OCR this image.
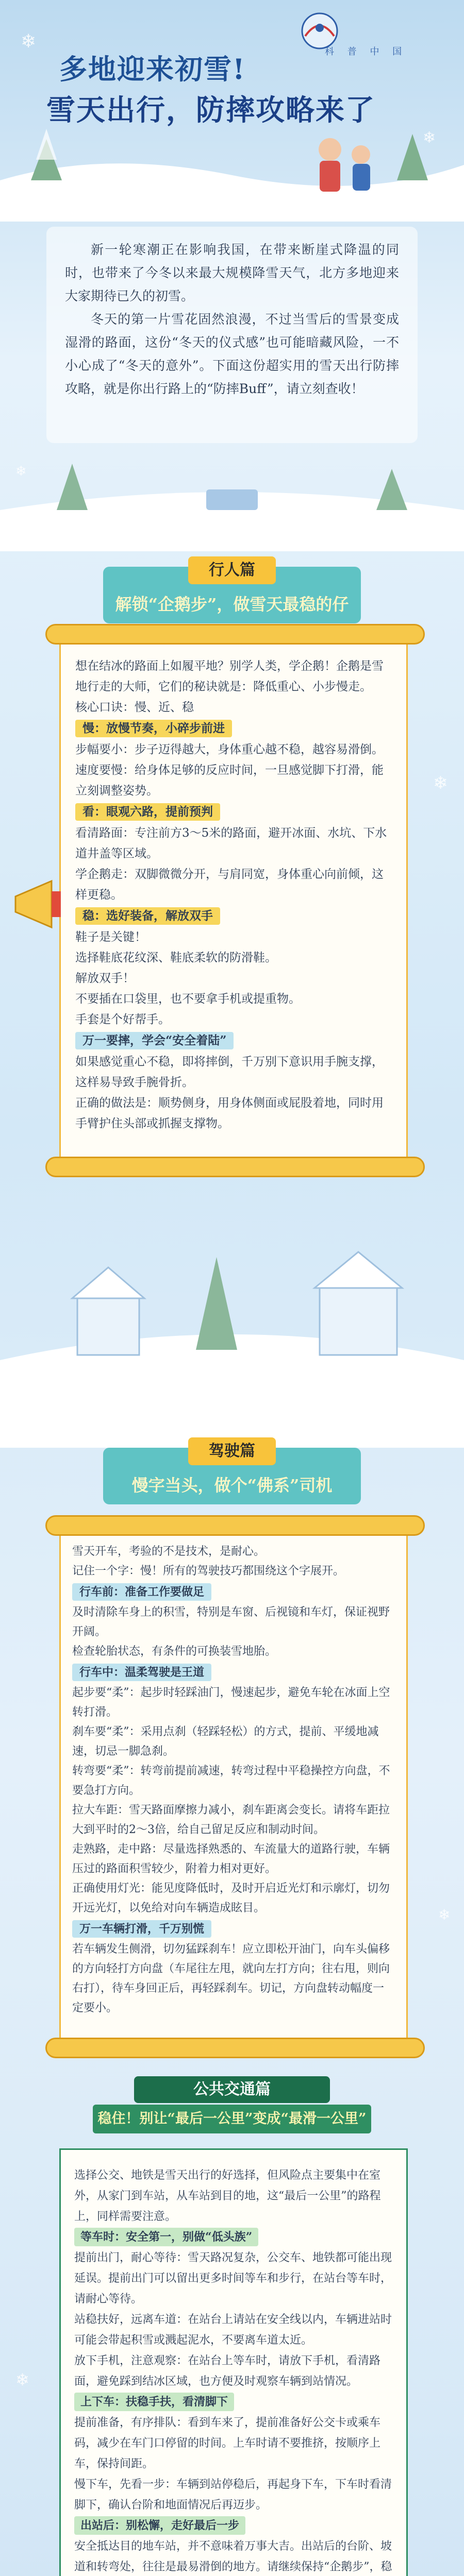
❄
❄
❄
❄
❄
❄
科 普 中 国
多地迎来初雪!
雪天出行，防摔攻略来了

新一轮寒潮正在影响我国，在带来断崖式降温的同时，也带来了今冬以来最大规模降雪天气，北方多地迎来大家期待已久的初雪。

冬天的第一片雪花固然浪漫，不过当雪后的雪景变成湿滑的路面，这份“冬天的仪式感”也可能暗藏风险，一不小心成了“冬天的意外”。下面这份超实用的雪天出行防摔攻略，就是你出行路上的“防摔Buff”，请立刻查收！

行人篇
解锁“企鹅步”，做雪天最稳的仔
想在结冰的路面上如履平地？别学人类，学企鹅！企鹅是雪地行走的大师，它们的秘诀就是：降低重心、小步慢走。
核心口诀：慢、近、稳
慢：放慢节奏，小碎步前进
步幅要小：步子迈得越大，身体重心越不稳，越容易滑倒。
速度要慢：给身体足够的反应时间，一旦感觉脚下打滑，能立刻调整姿势。
看：眼观六路，提前预判
看清路面：专注前方3～5米的路面，避开冰面、水坑、下水道井盖等区域。
学企鹅走：双脚微微分开，与肩同宽，身体重心向前倾，这样更稳。
稳：选好装备，解放双手
鞋子是关键！
选择鞋底花纹深、鞋底柔软的防滑鞋。
解放双手！
不要插在口袋里，也不要拿手机或提重物。
手套是个好帮手。
万一要摔，学会“安全着陆”
如果感觉重心不稳，即将摔倒，千万别下意识用手腕支撑，这样易导致手腕骨折。
正确的做法是：顺势侧身，用身体侧面或屁股着地，同时用手臂护住头部或抓握支撑物。
驾驶篇
慢字当头，做个“佛系”司机
雪天开车，考验的不是技术，是耐心。
记住一个字：慢！所有的驾驶技巧都围绕这个字展开。
行车前：准备工作要做足
及时清除车身上的积雪，特别是车窗、后视镜和车灯，保证视野开阔。
检查轮胎状态，有条件的可换装雪地胎。
行车中：温柔驾驶是王道
起步要“柔”：起步时轻踩油门，慢速起步，避免车轮在冰面上空转打滑。
刹车要“柔”：采用点刹（轻踩轻松）的方式，提前、平缓地减速，切忌一脚急刹。
转弯要“柔”：转弯前提前减速，转弯过程中平稳操控方向盘，不要急打方向。
拉大车距：雪天路面摩擦力减小，刹车距离会变长。请将车距拉大到平时的2～3倍，给自己留足反应和制动时间。
走熟路，走中路：尽量选择熟悉的、车流量大的道路行驶，车辆压过的路面积雪较少，附着力相对更好。
正确使用灯光：能见度降低时，及时开启近光灯和示廓灯，切勿开远光灯，以免给对向车辆造成眩目。
万一车辆打滑，千万别慌
若车辆发生侧滑，切勿猛踩刹车！应立即松开油门，向车头偏移的方向轻打方向盘（车尾往左甩，就向左打方向；往右甩，则向右打），待车身回正后，再轻踩刹车。切记，方向盘转动幅度一定要小。
公共交通篇
稳住！别让“最后一公里”变成“最滑一公里”
选择公交、地铁是雪天出行的好选择，但风险点主要集中在室外，从家门到车站，从车站到目的地，这“最后一公里”的路程上，同样需要注意。
等车时：安全第一，别做“低头族”
提前出门，耐心等待：雪天路况复杂，公交车、地铁都可能出现延误。提前出门可以留出更多时间等车和步行，在站台等车时，请耐心等待。
站稳扶好，远离车道：在站台上请站在安全线以内，车辆进站时可能会带起积雪或溅起泥水，不要离车道太近。
放下手机，注意观察：在站台上等车时，请放下手机，看清路面，避免踩到结冰区域，也方便及时观察车辆到站情况。
上下车：扶稳手扶，看清脚下
提前准备，有序排队：看到车来了，提前准备好公交卡或乘车码，减少在车门口停留的时间。上车时请不要推挤，按顺序上车，保持间距。
慢下车，先看一步：车辆到站停稳后，再起身下车，下车时看清脚下，确认台阶和地面情况后再迈步。
出站后：别松懈，走好最后一步
安全抵达目的地车站，并不意味着万事大吉。出站后的台阶、坡道和转弯处，往往是最易滑倒的地方。请继续保持“企鹅步”，稳
